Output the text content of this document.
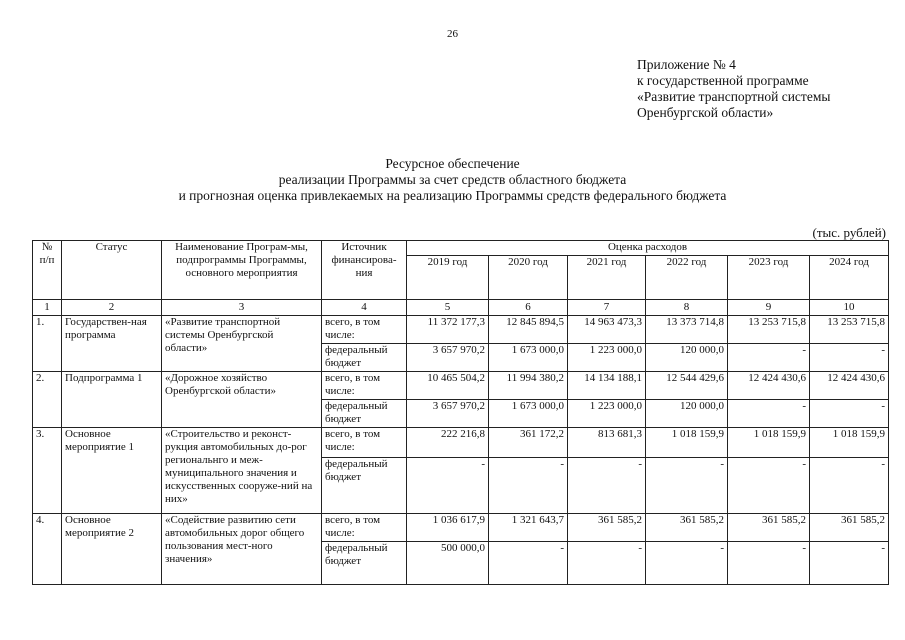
26
Приложение № 4
к государственной программе
«Развитие транспортной системы
Оренбургской области»
Ресурсное обеспечение
реализации Программы за счет средств областного бюджета
и прогнозная оценка привлекаемых на реализацию Программы средств федерального бюджета
(тыс. рублей)
№ п/п	Статус	Наименование Програм-мы, подпрограммы Программы, основного мероприятия	Источник финансирова-ния	Оценка расходов					
				2019 год	2020 год	2021 год	2022 год	2023 год	2024 год
1	2	3	4	5	6	7	8	9	10
1.	Государствен-ная программа	«Развитие транспортной системы Оренбургской области»	всего, в том числе:	11 372 177,3	12 845 894,5	14 963 473,3	13 373 714,8	13 253 715,8	13 253 715,8
			федеральный бюджет	3 657 970,2	1 673 000,0	1 223 000,0	120 000,0	-	-
2.	Подпрограмма 1	«Дорожное хозяйство Оренбургской области»	всего, в том числе:	10 465 504,2	11 994 380,2	14 134 188,1	12 544 429,6	12 424 430,6	12 424 430,6
			федеральный бюджет	3 657 970,2	1 673 000,0	1 223 000,0	120 000,0	-	-
3.	Основное мероприятие 1	«Строительство и реконст-рукция автомобильных до-рог региональнго и меж-муниципального значения и искусственных сооруже-ний на них»	всего, в том числе:	222 216,8	361 172,2	813 681,3	1 018 159,9	1 018 159,9	1 018 159,9
			федеральный бюджет	-	-	-	-	-	-
4.	Основное мероприятие 2	«Содействие развитию сети автомобильных дорог общего пользования мест-ного значения»	всего, в том числе:	1 036 617,9	1 321 643,7	361 585,2	361 585,2	361 585,2	361 585,2
			федеральный бюджет	500 000,0	-	-	-	-	-
